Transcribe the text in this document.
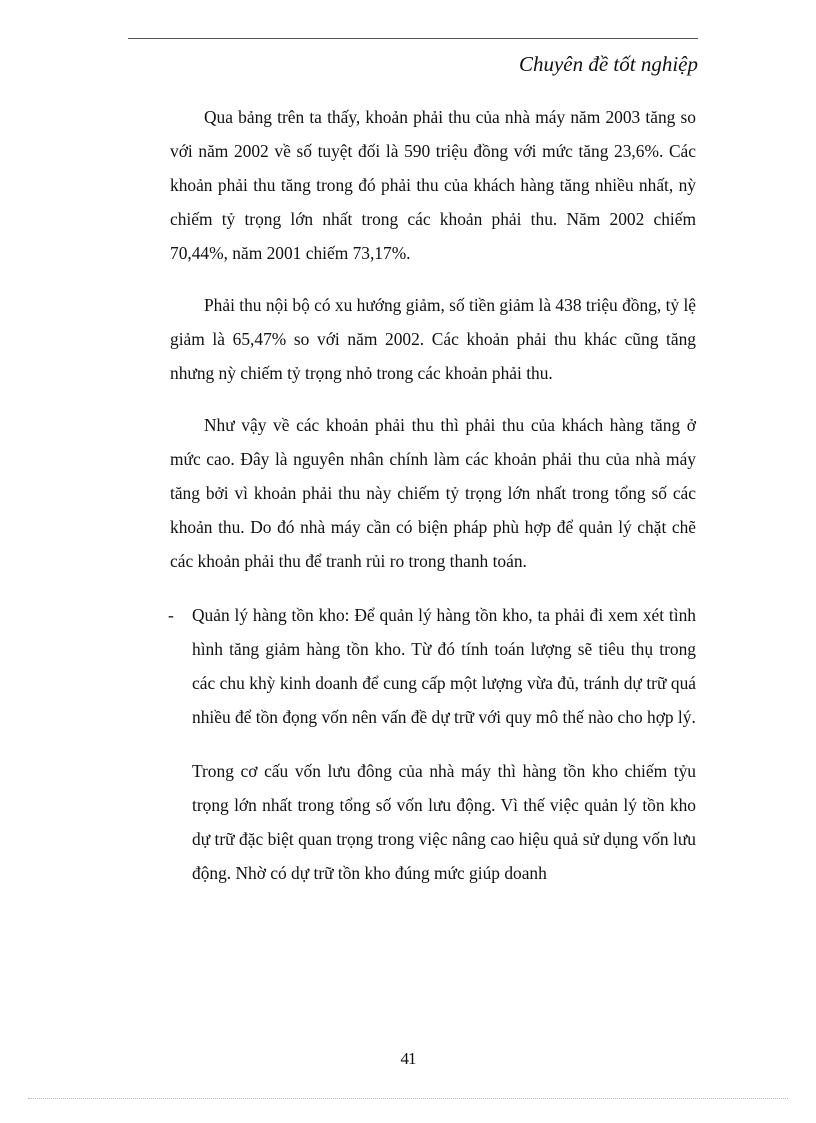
Chuyên đề tốt nghiệp

Qua bảng trên ta thấy, khoản phải thu của nhà máy năm 2003 tăng so với năm 2002 về số tuyệt đối là 590 triệu đồng với mức tăng 23,6%. Các khoản phải thu tăng trong đó phải thu của khách hàng tăng nhiều nhất, nỳ chiếm tỷ trọng lớn nhất trong các khoản phải thu. Năm 2002 chiếm 70,44%, năm 2001 chiếm 73,17%.

Phải thu nội bộ có xu hướng giảm, số tiền giảm là 438 triệu đồng, tỷ lệ giảm là 65,47% so với năm 2002. Các khoản phải thu khác cũng tăng nhưng nỳ chiếm tỷ trọng nhỏ trong các khoản phải thu.

Như vậy về các khoản phải thu thì phải thu của khách hàng tăng ở mức cao. Đây là nguyên nhân chính làm các khoản phải thu của nhà máy tăng bởi vì khoản phải thu này chiếm tỷ trọng lớn nhất trong tổng số các khoản thu. Do đó nhà máy cần có biện pháp phù hợp để quản lý chặt chẽ các khoản phải thu để tranh rủi ro trong thanh toán.

- Quản lý hàng tồn kho: Để quản lý hàng tồn kho, ta phải đi xem xét tình hình tăng giảm hàng tồn kho. Từ đó tính toán lượng sẽ tiêu thụ trong các chu khỳ kinh doanh để cung cấp một lượng vừa đủ, tránh dự trữ quá nhiều để tồn đọng vốn nên vấn đề dự trữ với quy mô thế nào cho hợp lý.

Trong cơ cấu vốn lưu đông của nhà máy thì hàng tồn kho chiếm tỷu trọng lớn nhất trong tổng số vốn lưu động. Vì thế việc quản lý tồn kho dự trữ đặc biệt quan trọng trong việc nâng cao hiệu quả sử dụng vốn lưu động. Nhờ có dự trữ tồn kho đúng mức giúp doanh

41
